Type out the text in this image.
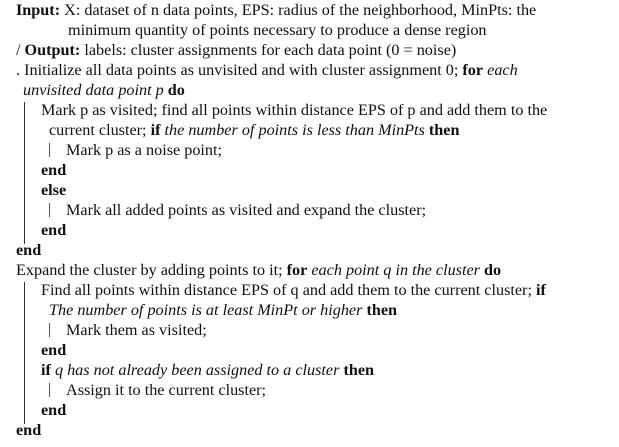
Input: X: dataset of n data points, EPS: radius of the neighborhood, MinPts: the
minimum quantity of points necessary to produce a dense region
/ Output: labels: cluster assignments for each data point (0 = noise)
. Initialize all data points as unvisited and with cluster assignment 0; for each
unvisited data point p do
Mark p as visited; find all points within distance EPS of p and add them to the
current cluster; if the number of points is less than MinPts then
Mark p as a noise point;
end
else
Mark all added points as visited and expand the cluster;
end
end
Expand the cluster by adding points to it; for each point q in the cluster do
Find all points within distance EPS of q and add them to the current cluster; if
The number of points is at least MinPt or higher then
Mark them as visited;
end
if q has not already been assigned to a cluster then
Assign it to the current cluster;
end
end
